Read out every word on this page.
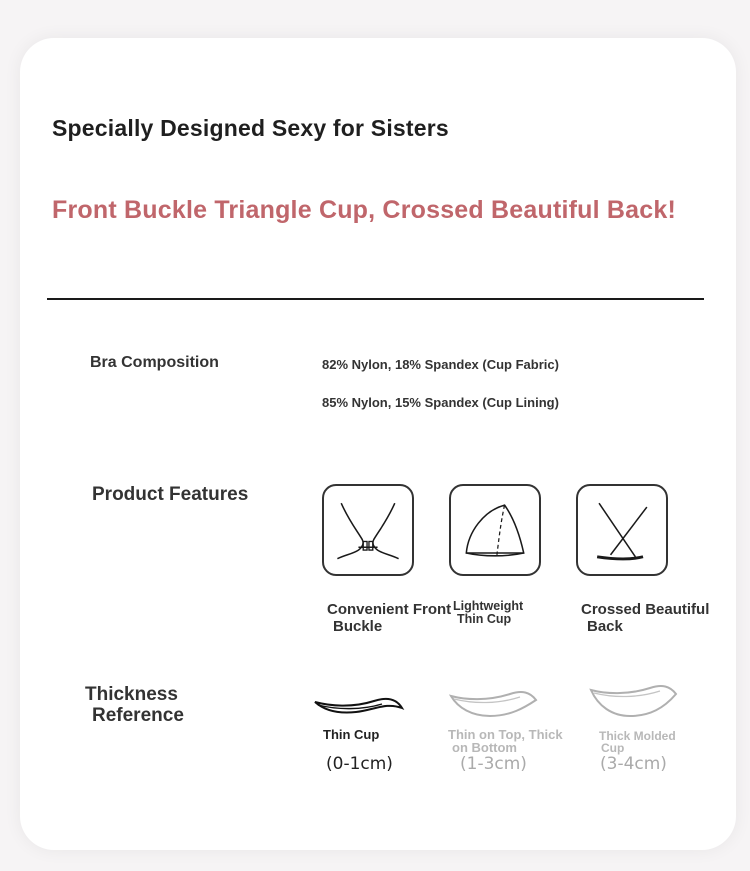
Specially Designed Sexy for Sisters
Front Buckle Triangle Cup, Crossed Beautiful Back!
Bra Composition	82% Nylon, 18% Spandex (Cup Fabric)
85% Nylon, 15% Spandex (Cup Lining)
Product Features
Convenient Front
Buckle
Lightweight
Thin Cup
Crossed Beautiful
Back
Thickness
Reference
Thin Cup
(0-1cm)
Thin on Top, Thick
on Bottom
(1-3cm)
Thick Molded
Cup
(3-4cm)
